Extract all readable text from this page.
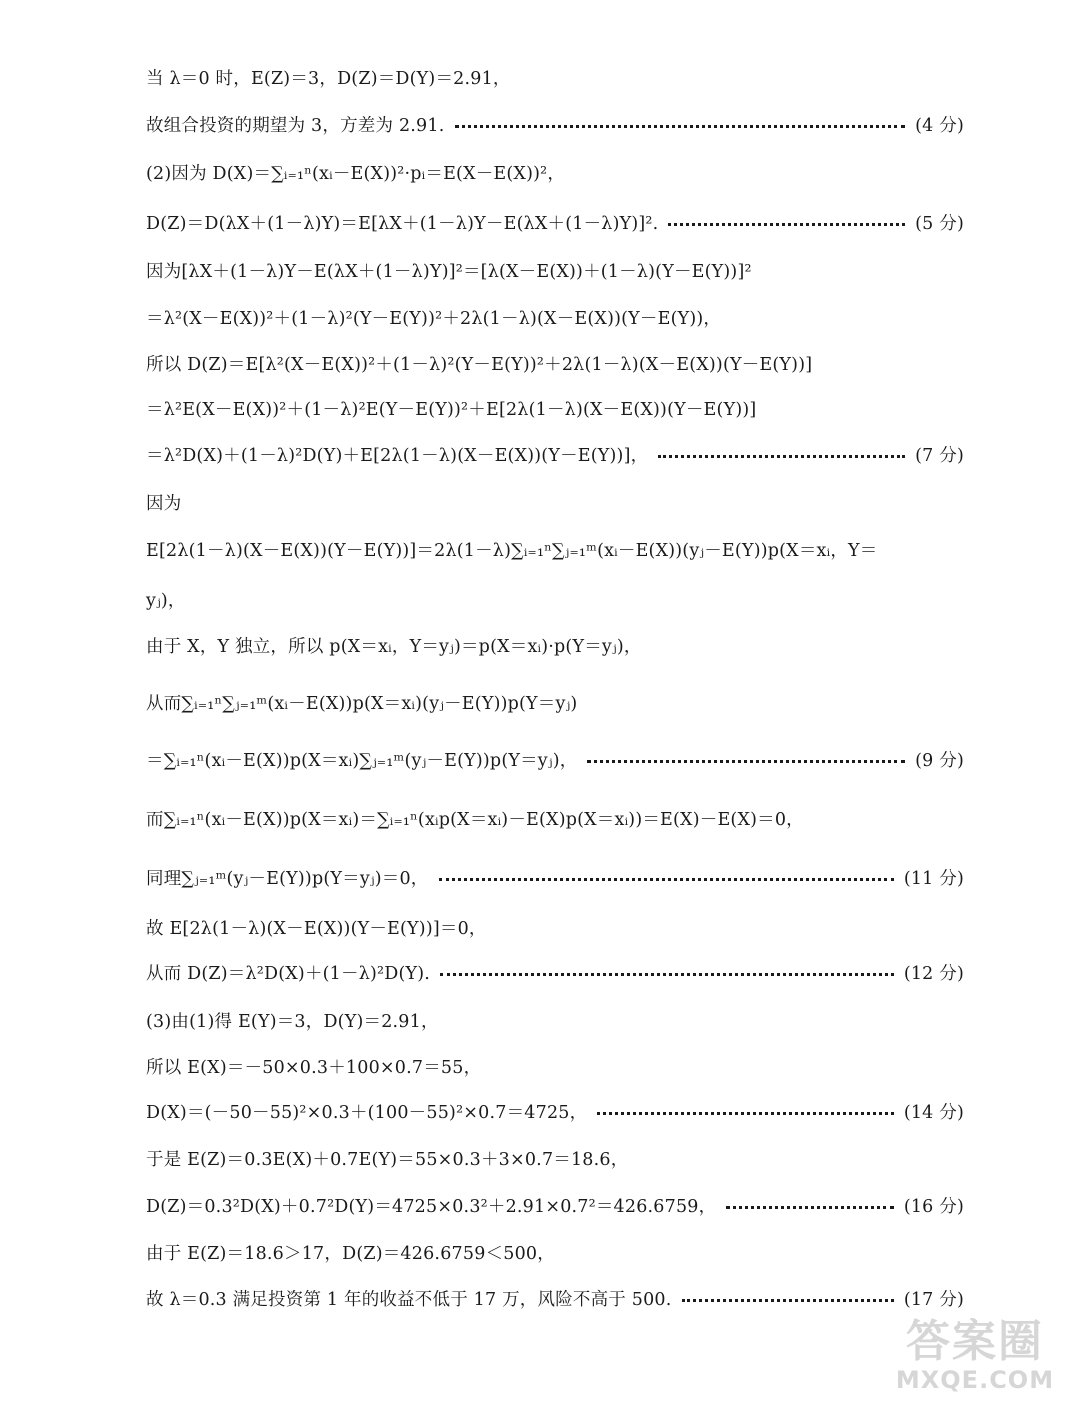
当 λ＝0 时，E(Z)＝3，D(Z)＝D(Y)＝2.91，
故组合投资的期望为 3，方差为 2.91.	(4 分)
(2)因为 D(X)＝∑ᵢ₌₁ⁿ(xᵢ－E(X))²·pᵢ＝E(X－E(X))²，
D(Z)＝D(λX＋(1－λ)Y)＝E[λX＋(1－λ)Y－E(λX＋(1－λ)Y)]².	(5 分)
因为[λX＋(1－λ)Y－E(λX＋(1－λ)Y)]²＝[λ(X－E(X))＋(1－λ)(Y－E(Y))]²
＝λ²(X－E(X))²＋(1－λ)²(Y－E(Y))²＋2λ(1－λ)(X－E(X))(Y－E(Y))，
所以 D(Z)＝E[λ²(X－E(X))²＋(1－λ)²(Y－E(Y))²＋2λ(1－λ)(X－E(X))(Y－E(Y))]
＝λ²E(X－E(X))²＋(1－λ)²E(Y－E(Y))²＋E[2λ(1－λ)(X－E(X))(Y－E(Y))]
＝λ²D(X)＋(1－λ)²D(Y)＋E[2λ(1－λ)(X－E(X))(Y－E(Y))]，	(7 分)
因为
E[2λ(1－λ)(X－E(X))(Y－E(Y))]＝2λ(1－λ)∑ᵢ₌₁ⁿ∑ⱼ₌₁ᵐ(xᵢ－E(X))(yⱼ－E(Y))p(X＝xᵢ，Y＝
yⱼ)，
由于 X，Y 独立，所以 p(X＝xᵢ，Y＝yⱼ)＝p(X＝xᵢ)·p(Y＝yⱼ)，
从而∑ᵢ₌₁ⁿ∑ⱼ₌₁ᵐ(xᵢ－E(X))p(X＝xᵢ)(yⱼ－E(Y))p(Y＝yⱼ)
＝∑ᵢ₌₁ⁿ(xᵢ－E(X))p(X＝xᵢ)∑ⱼ₌₁ᵐ(yⱼ－E(Y))p(Y＝yⱼ)，	(9 分)
而∑ᵢ₌₁ⁿ(xᵢ－E(X))p(X＝xᵢ)＝∑ᵢ₌₁ⁿ(xᵢp(X＝xᵢ)－E(X)p(X＝xᵢ))＝E(X)－E(X)＝0，
同理∑ⱼ₌₁ᵐ(yⱼ－E(Y))p(Y＝yⱼ)＝0，	(11 分)
故 E[2λ(1－λ)(X－E(X))(Y－E(Y))]＝0，
从而 D(Z)＝λ²D(X)＋(1－λ)²D(Y).	(12 分)
(3)由(1)得 E(Y)＝3，D(Y)＝2.91，
所以 E(X)＝－50×0.3＋100×0.7＝55，
D(X)＝(－50－55)²×0.3＋(100－55)²×0.7＝4725，	(14 分)
于是 E(Z)＝0.3E(X)＋0.7E(Y)＝55×0.3＋3×0.7＝18.6，
D(Z)＝0.3²D(X)＋0.7²D(Y)＝4725×0.3²＋2.91×0.7²＝426.6759，	(16 分)
由于 E(Z)＝18.6＞17，D(Z)＝426.6759＜500，
故 λ＝0.3 满足投资第 1 年的收益不低于 17 万，风险不高于 500.	(17 分)
答案圈
MXQE.COM
